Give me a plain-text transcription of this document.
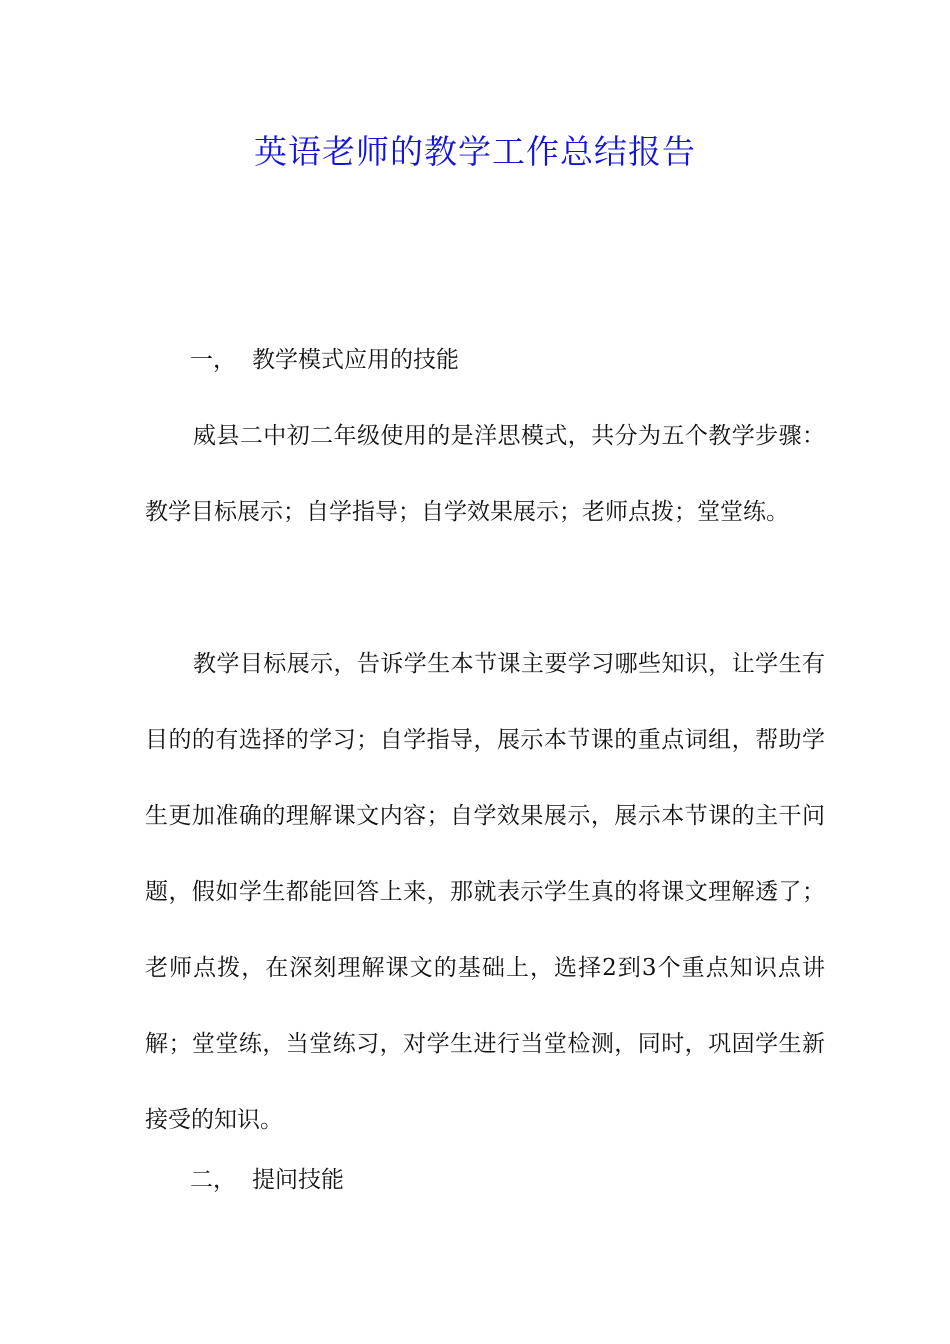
英语老师的教学工作总结报告
一， 教学模式应用的技能
威县二中初二年级使用的是洋思模式，共分为五个教学步骤：教学目标展示；自学指导；自学效果展示；老师点拨；堂堂练。
教学目标展示，告诉学生本节课主要学习哪些知识，让学生有目的的有选择的学习；自学指导，展示本节课的重点词组，帮助学生更加准确的理解课文内容；自学效果展示，展示本节课的主干问题，假如学生都能回答上来，那就表示学生真的将课文理解透了；老师点拨，在深刻理解课文的基础上，选择2到3个重点知识点讲解；堂堂练，当堂练习，对学生进行当堂检测，同时，巩固学生新接受的知识。
二， 提问技能
